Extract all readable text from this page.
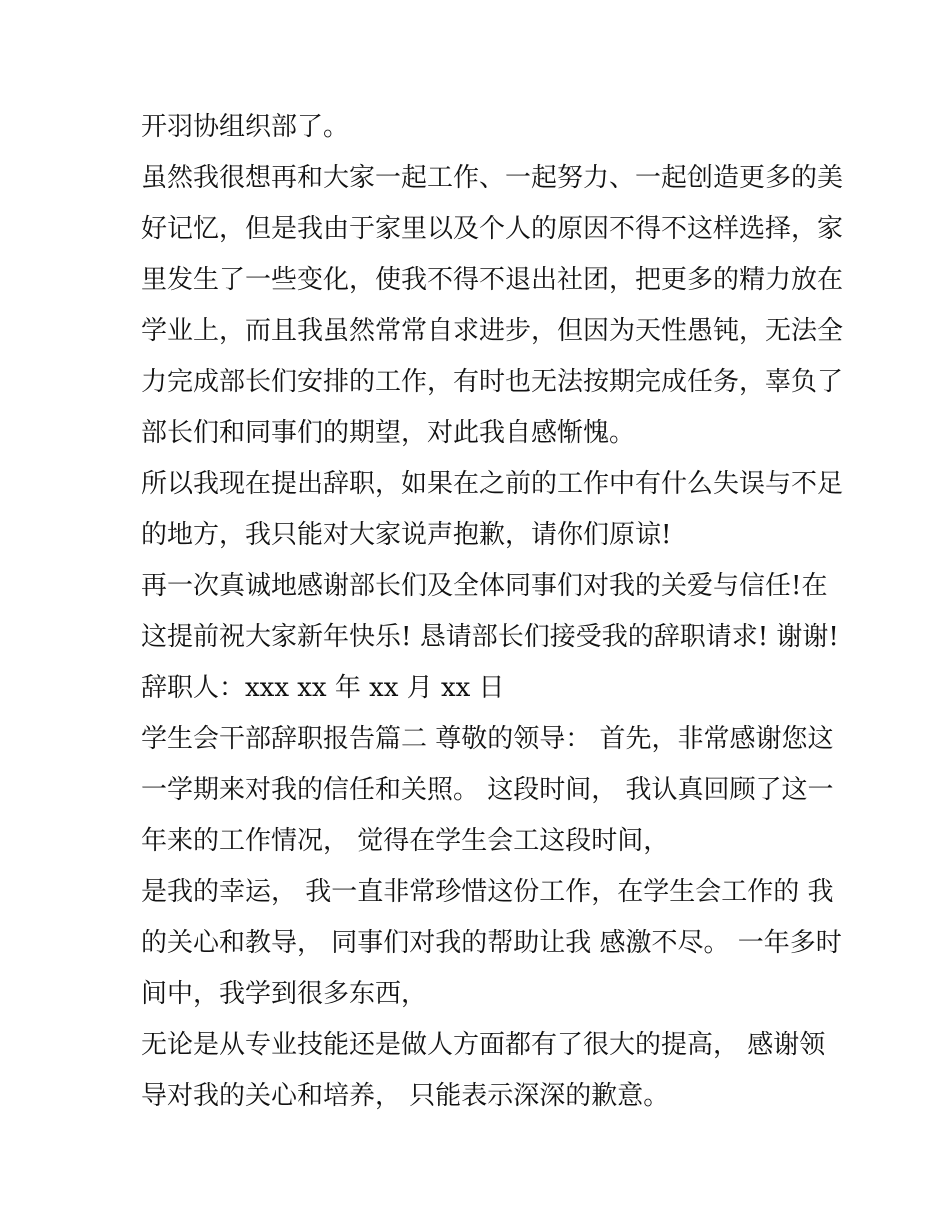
开羽协组织部了。
虽然我很想再和大家一起工作、一起努力、一起创造更多的美
好记忆，但是我由于家里以及个人的原因不得不这样选择，家
里发生了一些变化，使我不得不退出社团，把更多的精力放在
学业上，而且我虽然常常自求进步，但因为天性愚钝，无法全
力完成部长们安排的工作，有时也无法按期完成任务，辜负了
部长们和同事们的期望，对此我自感惭愧。
所以我现在提出辞职，如果在之前的工作中有什么失误与不足
的地方，我只能对大家说声抱歉，请你们原谅!
再一次真诚地感谢部长们及全体同事们对我的关爱与信任!在
这提前祝大家新年快乐! 恳请部长们接受我的辞职请求! 谢谢!
辞职人：xxx xx 年 xx 月 xx 日
学生会干部辞职报告篇二 尊敬的领导： 首先，非常感谢您这
一学期来对我的信任和关照。 这段时间， 我认真回顾了这一
年来的工作情况， 觉得在学生会工这段时间，
是我的幸运， 我一直非常珍惜这份工作，在学生会工作的 我
的关心和教导， 同事们对我的帮助让我 感激不尽。 一年多时
间中，我学到很多东西，
无论是从专业技能还是做人方面都有了很大的提高， 感谢领
导对我的关心和培养， 只能表示深深的歉意。
